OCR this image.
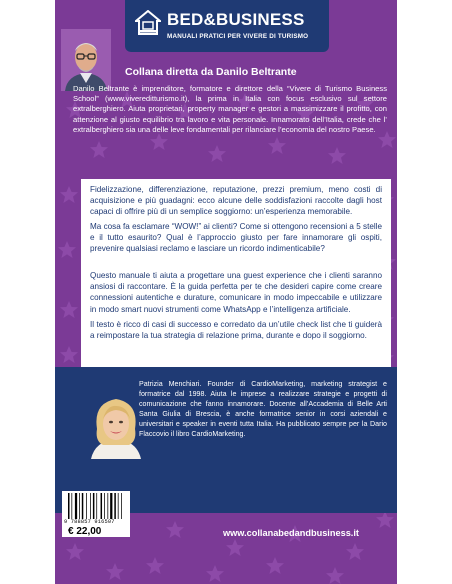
BED&BUSINESS
MANUALI PRATICI PER VIVERE DI TURISMO
Collana diretta da Danilo Beltrante

Danilo Beltrante è imprenditore, formatore e direttore della “Vivere di Turismo Business School” (www.vivereditturismo.it), la prima in Italia con focus esclusivo sul settore extralberghiero. Aiuta proprietari, property manager e gestori a massimizzare il profitto, con attenzione al giusto equilibrio tra lavoro e vita personale. Innamorato dell’Italia, crede che l’ extralberghiero sia una delle leve fondamentali per rilanciare l’economia del nostro Paese.

Fidelizzazione, differenziazione, reputazione, prezzi premium, meno costi di acquisizione e più guadagni: ecco alcune delle soddisfazioni raccolte dagli host capaci di offrire più di un semplice soggiorno: un’esperienza memorabile.

Ma cosa fa esclamare “WOW!” ai clienti? Come si ottengono recensioni a 5 stelle e il tutto esaurito? Qual è l’approccio giusto per fare innamorare gli ospiti, prevenire qualsiasi reclamo e lasciare un ricordo indimenticabile?

Questo manuale ti aiuta a progettare una guest experience che i clienti saranno ansiosi di raccontare. È la guida perfetta per te che desideri capire come creare connessioni autentiche e durature, comunicare in modo impeccabile e utilizzare in modo smart nuovi strumenti come WhatsApp e l’intelligenza artificiale.

Il testo è ricco di casi di successo e corredato da un’utile check list che ti guiderà a reimpostare la tua strategia di relazione prima, durante e dopo il soggiorno.

Patrizia Menchiari. Founder di CardioMarketing, marketing strategist e formatrice dal 1998. Aiuta le imprese a realizzare strategie e progetti di comunicazione che fanno innamorare. Docente all’Accademia di Belle Arti Santa Giulia di Brescia, è anche formatrice senior in corsi aziendali e universitari e speaker in eventi tutta Italia. Ha pubblicato sempre per la Dario Flaccovio il libro CardioMarketing.

9 788857 916507
€ 22,00	www.collanabedandbusiness.it
